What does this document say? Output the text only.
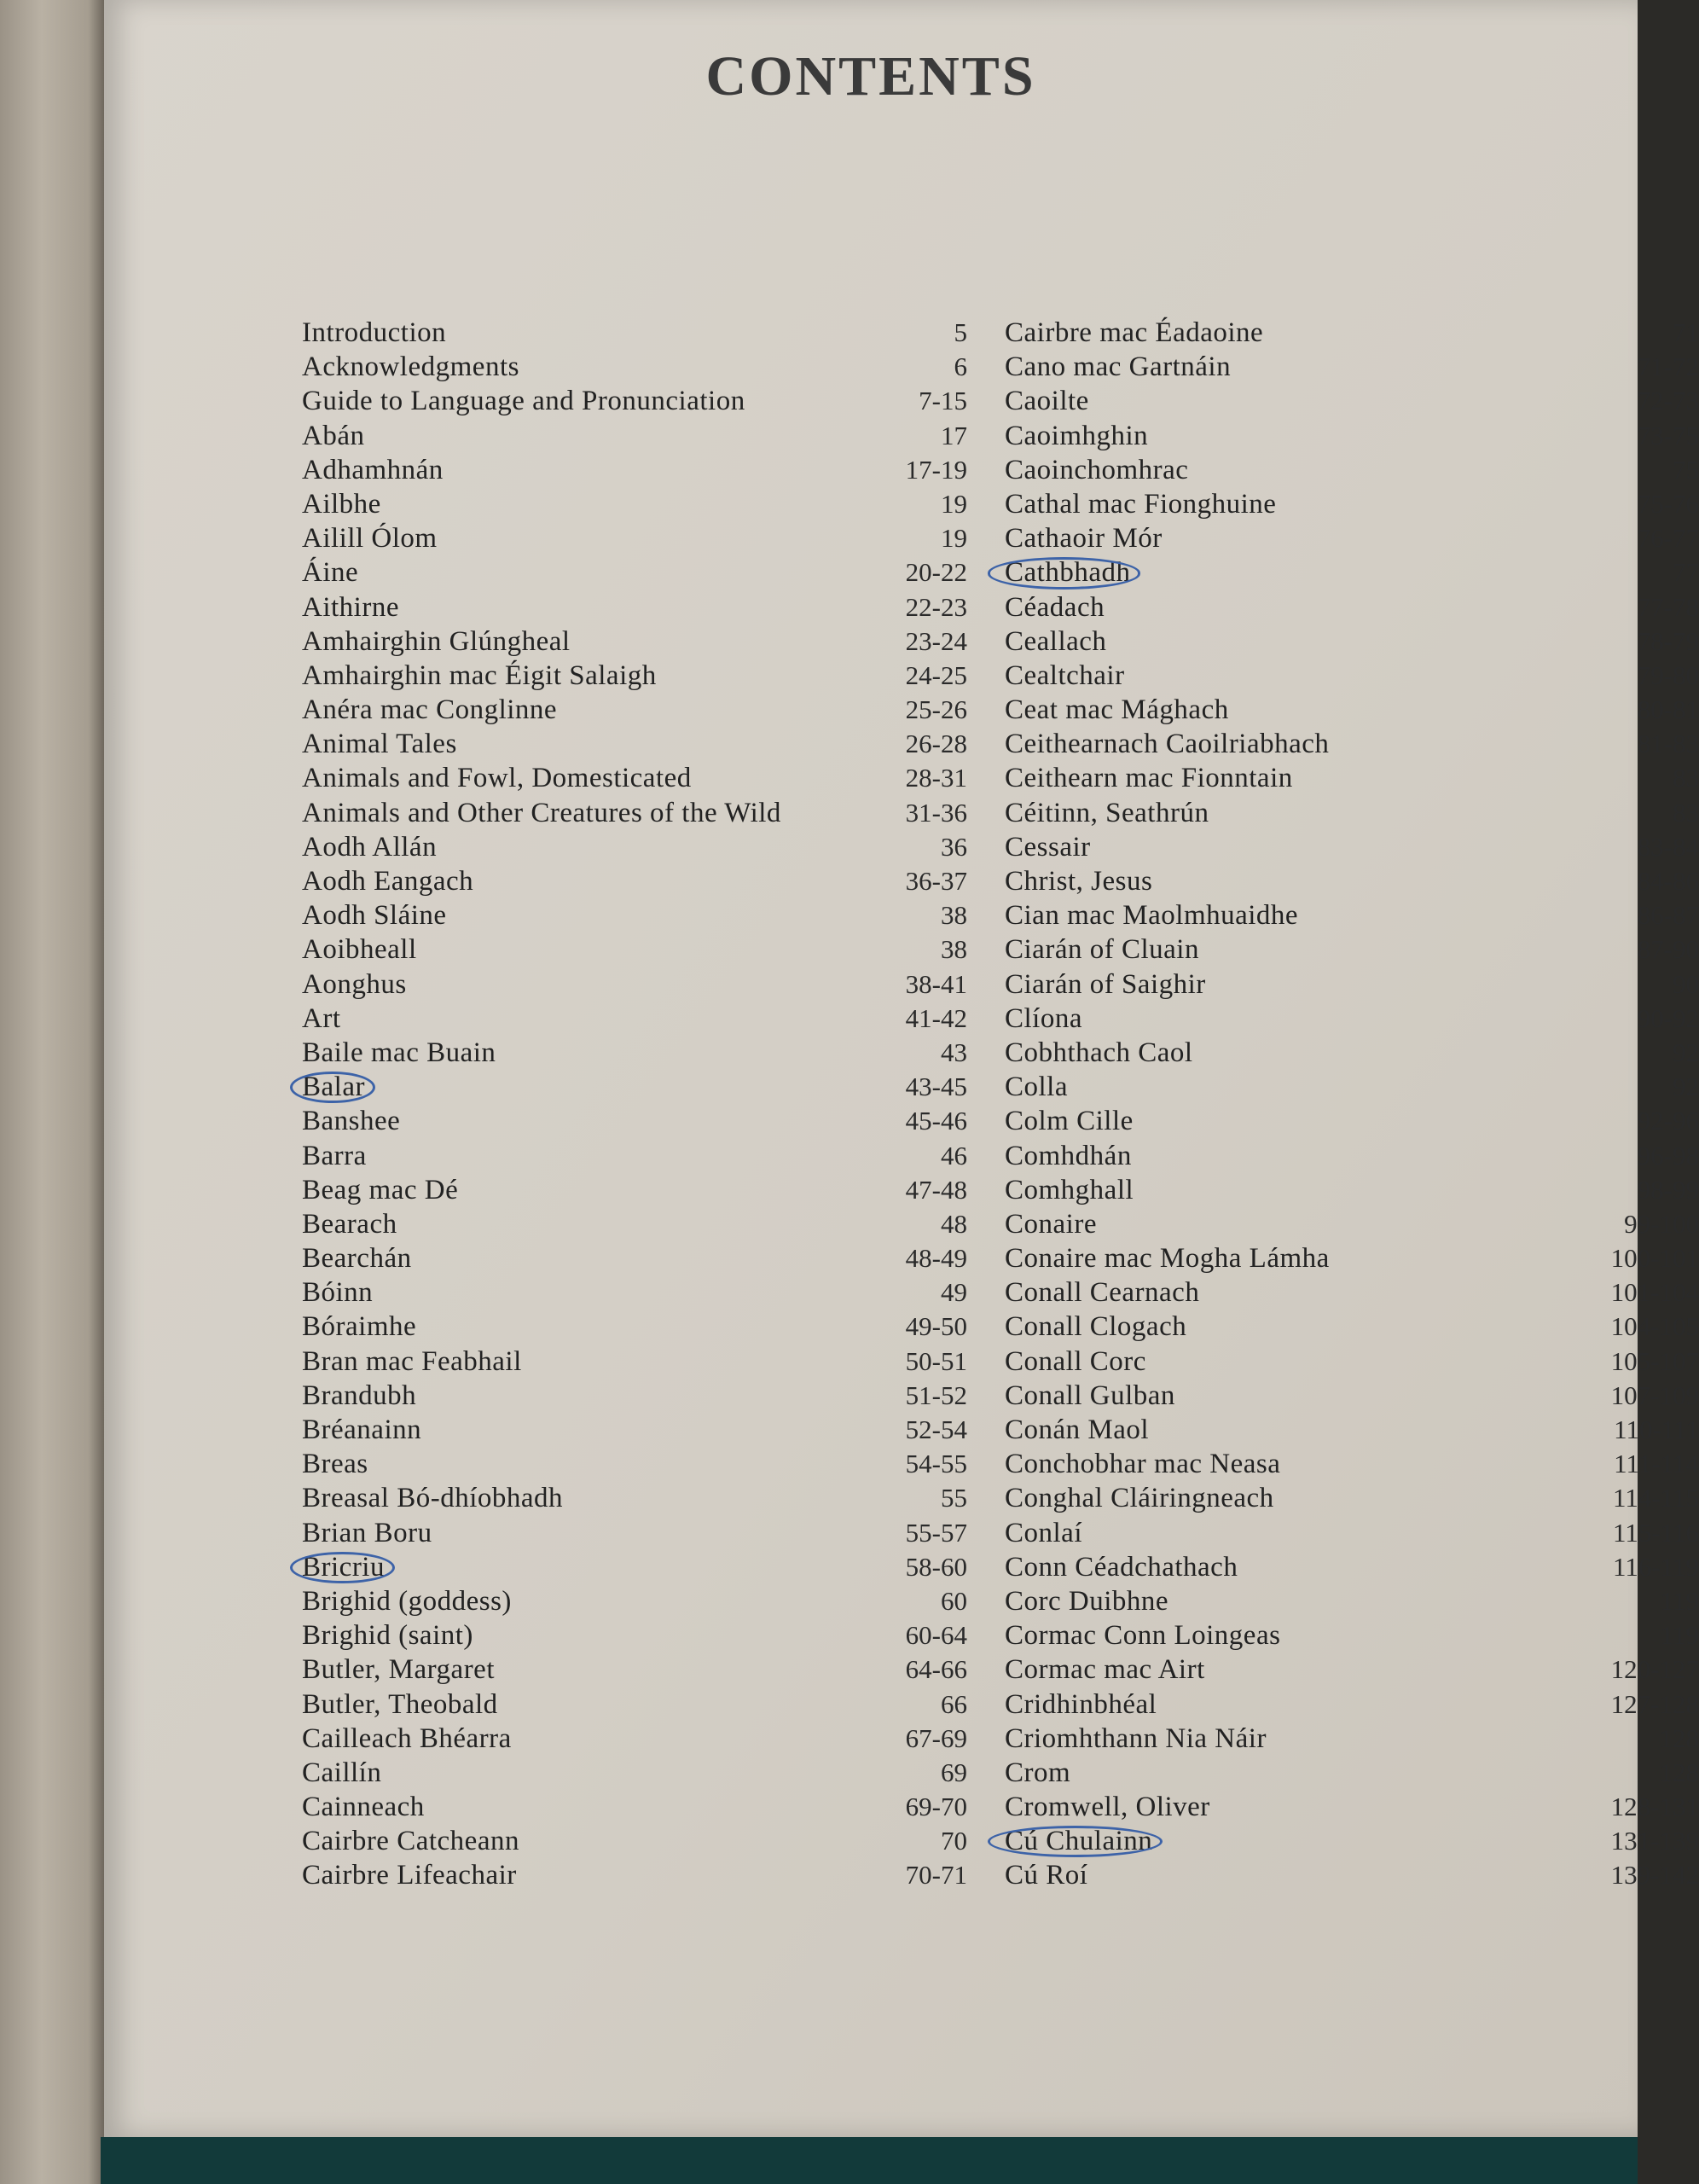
CONTENTS
Introduction	5
Acknowledgments	6
Guide to Language and Pronunciation	7-15
Abán	17
Adhamhnán	17-19
Ailbhe	19
Ailill Ólom	19
Áine	20-22
Aithirne	22-23
Amhairghin Glúngheal	23-24
Amhairghin mac Éigit Salaigh	24-25
Anéra mac Conglinne	25-26
Animal Tales	26-28
Animals and Fowl, Domesticated	28-31
Animals and Other Creatures of the Wild	31-36
Aodh Allán	36
Aodh Eangach	36-37
Aodh Sláine	38
Aoibheall	38
Aonghus	38-41
Art	41-42
Baile mac Buain	43
Balar	43-45
Banshee	45-46
Barra	46
Beag mac Dé	47-48
Bearach	48
Bearchán	48-49
Bóinn	49
Bóraimhe	49-50
Bran mac Feabhail	50-51
Brandubh	51-52
Bréanainn	52-54
Breas	54-55
Breasal Bó-dhíobhadh	55
Brian Boru	55-57
Bricriu	58-60
Brighid (goddess)	60
Brighid (saint)	60-64
Butler, Margaret	64-66
Butler, Theobald	66
Cailleach Bhéarra	67-69
Caillín	69
Cainneach	69-70
Cairbre Catcheann	70
Cairbre Lifeachair	70-71
Cairbre mac Éadaoine	71
Cano mac Gartnáin	71-72
Caoilte	72-73
Caoimhghin	73-75
Caoinchomhrac	75
Cathal mac Fionghuine	75-76
Cathaoir Mór	76-77
Cathbhadh	77
Céadach	77-78
Ceallach	78-79
Cealtchair	79-80
Ceat mac Mághach	80-81
Ceithearnach Caoilriabhach	81-83
Ceithearn mac Fionntain	83
Céitinn, Seathrún	83
Cessair	83-84
Christ, Jesus	84-86
Cian mac Maolmhuaidhe	86-87
Ciarán of Cluain	87-90
Ciarán of Saighir	90
Clíona	90-92
Cobhthach Caol	92
Colla	92
Colm Cille	92-96
Comhdhán	96-98
Comhghall	98-99
Conaire	99-100
Conaire mac Mogha Lámha	100-101
Conall Cearnach	101-104
Conall Clogach	104-105
Conall Corc	105-107
Conall Gulban	107-109
Conán Maol	110-111
Conchobhar mac Neasa	111-114
Conghal Cláiringneach	114-115
Conlaí	115-116
Conn Céadchathach	116-119
Corc Duibhne	119
Cormac Conn Loingeas	119
Cormac mac Airt	120-127
Cridhinbhéal	127-128
Criomhthann Nia Náir	128
Crom	128
Cromwell, Oliver	128-131
Cú Chulainn	131-139
Cú Roí	139-142
